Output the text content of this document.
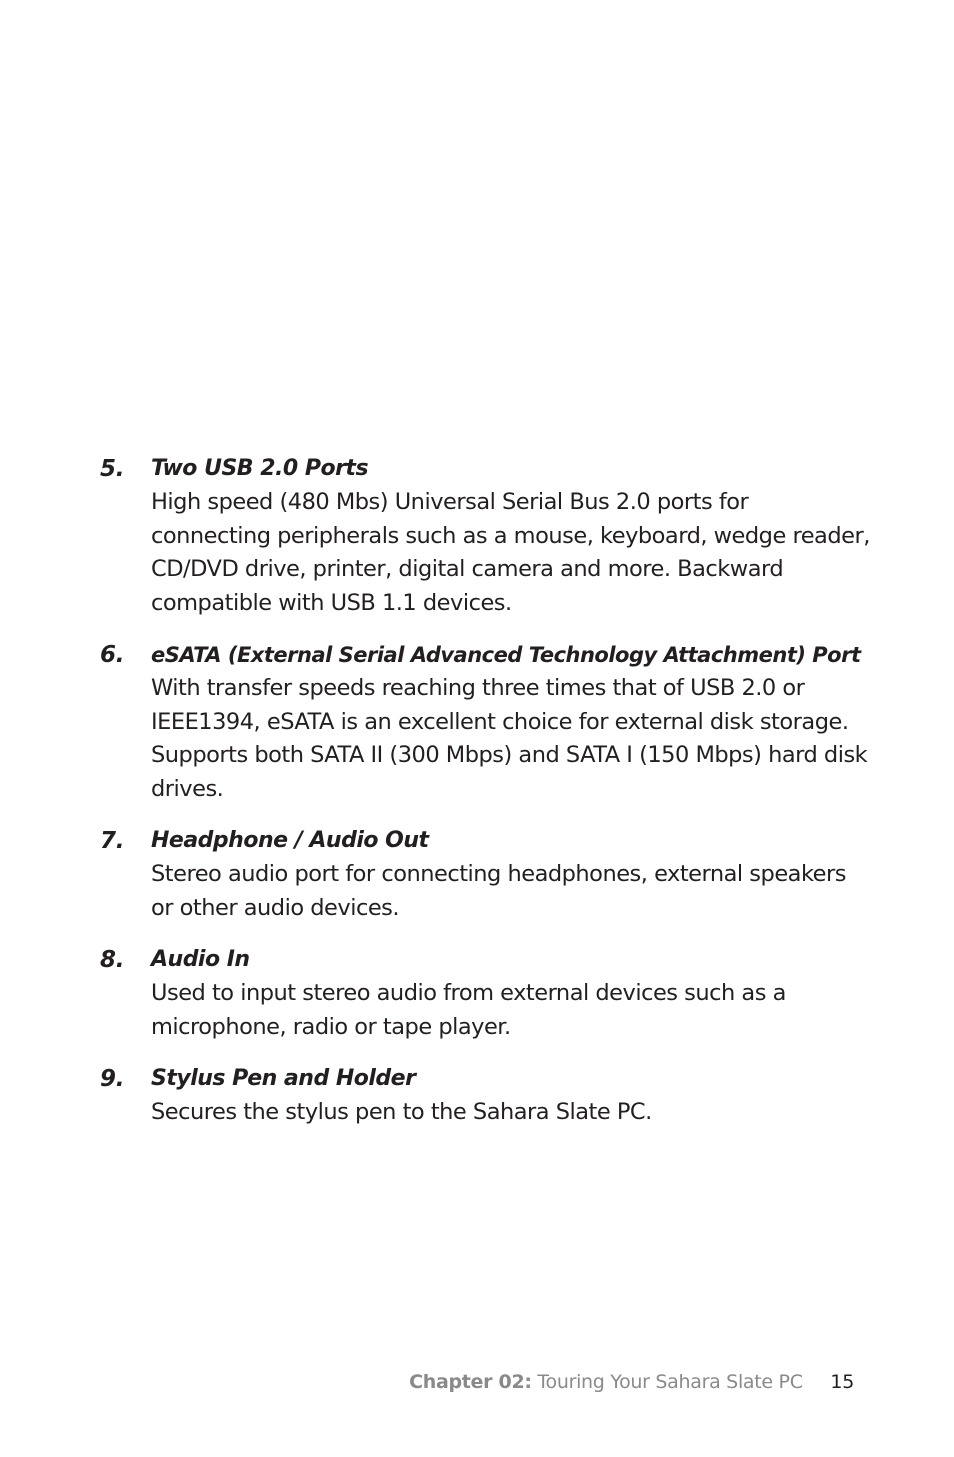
5.	Two USB 2.0 Ports
High speed (480 Mbs) Universal Serial Bus 2.0 ports for connecting peripherals such as a mouse, keyboard, wedge reader, CD/DVD drive, printer, digital camera and more. Backward compatible with USB 1.1 devices.
6.	eSATA (External Serial Advanced Technology Attachment) Port
With transfer speeds reaching three times that of USB 2.0 or IEEE1394, eSATA is an excellent choice for external disk storage. Supports both SATA II (300 Mbps) and SATA I (150 Mbps) hard disk drives.
7.	Headphone / Audio Out
Stereo audio port for connecting headphones, external speakers or other audio devices.
8.	Audio In
Used to input stereo audio from external devices such as a microphone, radio or tape player.
9.	Stylus Pen and Holder
Secures the stylus pen to the Sahara Slate PC.
Chapter 02: Touring Your Sahara Slate PC 15
